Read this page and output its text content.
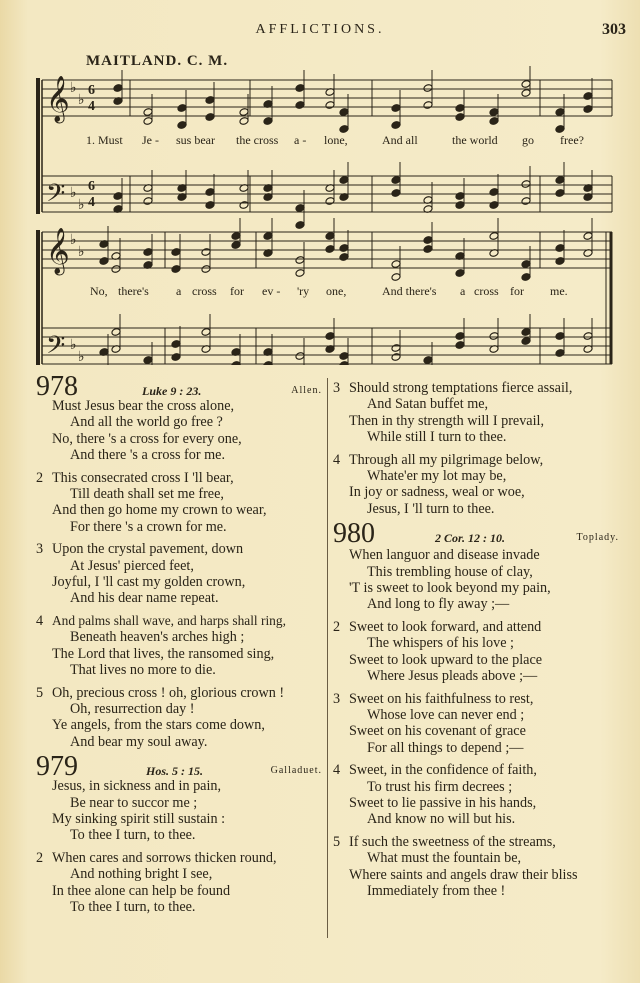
AFFLICTIONS.	303
MAITLAND. C. M.
𝄞
𝄢
♭
♭
♭
♭
𝄞
𝄢
♭
♭
♭
♭
6
4
6
4
1. Must Je - sus bear the cross a - lone,	And all	the world go free?
No, there's a cross for ev - 'ry one,	And there's a cross for me.
978	Luke 9 : 23.	Allen.
Must Jesus bear the cross alone,
And all the world go free ?
No, there 's a cross for every one,
And there 's a cross for me.
2 This consecrated cross I 'll bear,
Till death shall set me free,
And then go home my crown to wear,
For there 's a crown for me.
3 Upon the crystal pavement, down
At Jesus' pierced feet,
Joyful, I 'll cast my golden crown,
And his dear name repeat.
4 And palms shall wave, and harps shall ring,
Beneath heaven's arches high ;
The Lord that lives, the ransomed sing,
That lives no more to die.
5 Oh, precious cross ! oh, glorious crown !
Oh, resurrection day !
Ye angels, from the stars come down,
And bear my soul away.
979	Hos. 5 : 15.	Galladuet.
Jesus, in sickness and in pain,
Be near to succor me ;
My sinking spirit still sustain :
To thee I turn, to thee.
2 When cares and sorrows thicken round,
And nothing bright I see,
In thee alone can help be found
To thee I turn, to thee.
3 Should strong temptations fierce assail,
And Satan buffet me,
Then in thy strength will I prevail,
While still I turn to thee.
4 Through all my pilgrimage below,
Whate'er my lot may be,
In joy or sadness, weal or woe,
Jesus, I 'll turn to thee.
980	2 Cor. 12 : 10.	Toplady.
When languor and disease invade
This trembling house of clay,
'T is sweet to look beyond my pain,
And long to fly away ;—
2 Sweet to look forward, and attend
The whispers of his love ;
Sweet to look upward to the place
Where Jesus pleads above ;—
3 Sweet on his faithfulness to rest,
Whose love can never end ;
Sweet on his covenant of grace
For all things to depend ;—
4 Sweet, in the confidence of faith,
To trust his firm decrees ;
Sweet to lie passive in his hands,
And know no will but his.
5 If such the sweetness of the streams,
What must the fountain be,
Where saints and angels draw their bliss
Immediately from thee !
